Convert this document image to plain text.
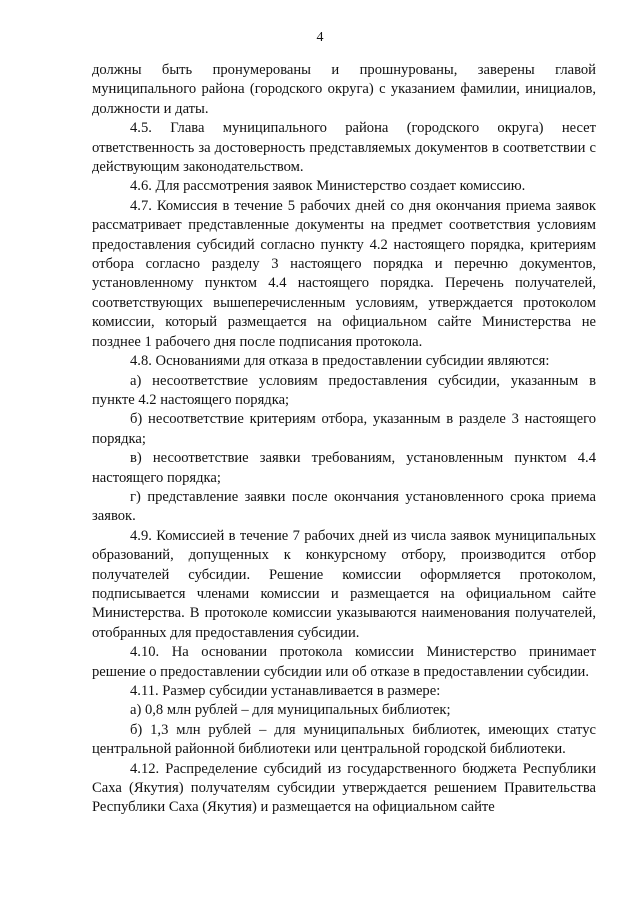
4

должны быть пронумерованы и прошнурованы, заверены главой муниципального района (городского округа) с указанием фамилии, инициалов, должности и даты.

4.5. Глава муниципального района (городского округа) несет ответственность за достоверность представляемых документов в соответствии с действующим законодательством.

4.6. Для рассмотрения заявок Министерство создает комиссию.

4.7. Комиссия в течение 5 рабочих дней со дня окончания приема заявок рассматривает представленные документы на предмет соответствия условиям предоставления субсидий согласно пункту 4.2 настоящего порядка, критериям отбора согласно разделу 3 настоящего порядка и перечню документов, установленному пунктом 4.4 настоящего порядка. Перечень получателей, соответствующих вышеперечисленным условиям, утверждается протоколом комиссии, который размещается на официальном сайте Министерства не позднее 1 рабочего дня после подписания протокола.

4.8. Основаниями для отказа в предоставлении субсидии являются:

а) несоответствие условиям предоставления субсидии, указанным в пункте 4.2 настоящего порядка;

б) несоответствие критериям отбора, указанным в разделе 3 настоящего порядка;

в) несоответствие заявки требованиям, установленным пунктом 4.4 настоящего порядка;

г) представление заявки после окончания установленного срока приема заявок.

4.9. Комиссией в течение 7 рабочих дней из числа заявок муниципальных образований, допущенных к конкурсному отбору, производится отбор получателей субсидии. Решение комиссии оформляется протоколом, подписывается членами комиссии и размещается на официальном сайте Министерства. В протоколе комиссии указываются наименования получателей, отобранных для предоставления субсидии.

4.10. На основании протокола комиссии Министерство принимает решение о предоставлении субсидии или об отказе в предоставлении субсидии.

4.11. Размер субсидии устанавливается в размере:

а) 0,8 млн рублей – для муниципальных библиотек;

б) 1,3 млн рублей – для муниципальных библиотек, имеющих статус центральной районной библиотеки или центральной городской библиотеки.

4.12. Распределение субсидий из государственного бюджета Республики Саха (Якутия) получателям субсидии утверждается решением Правительства Республики Саха (Якутия) и размещается на официальном сайте
